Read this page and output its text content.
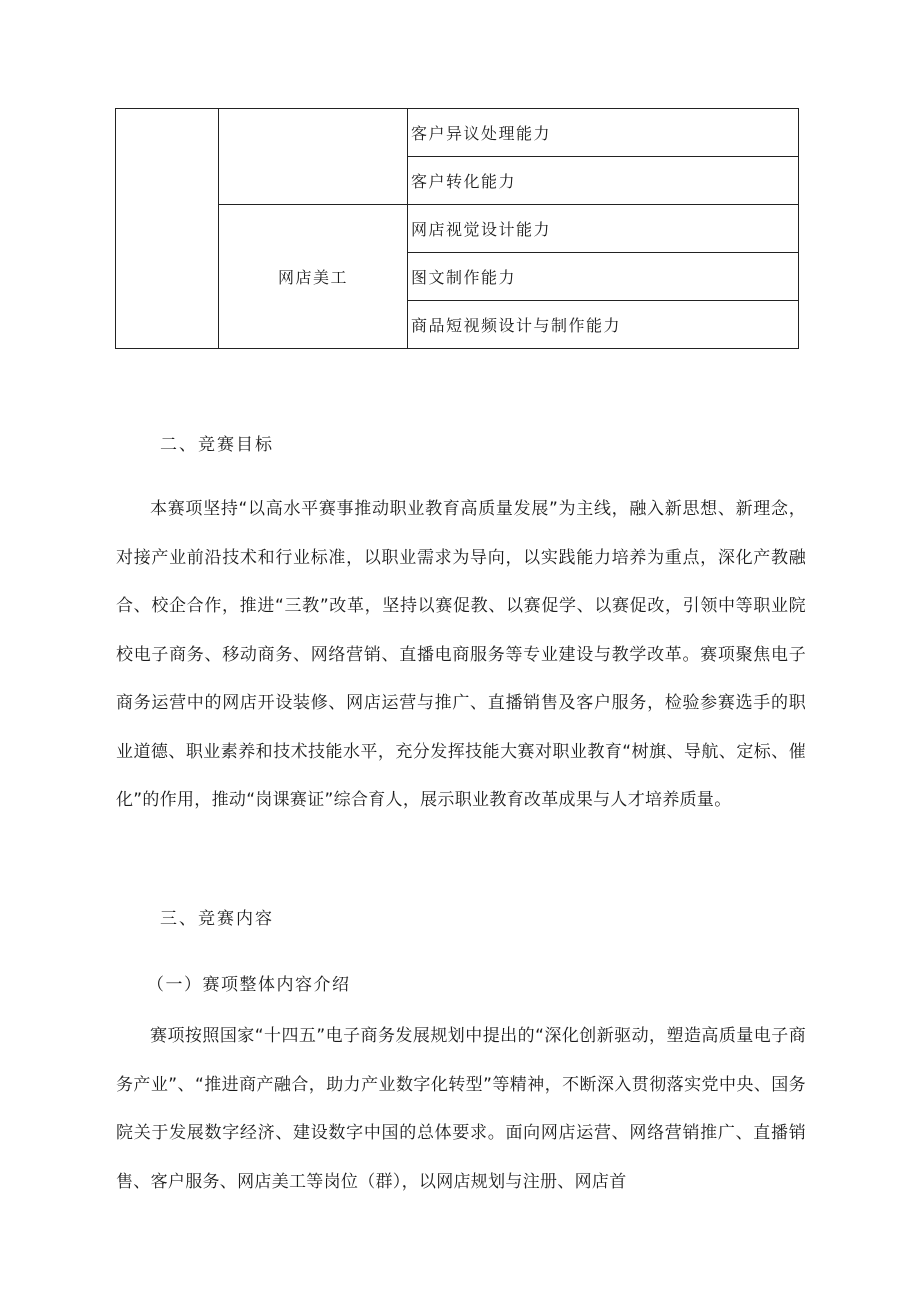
		客户异议处理能力
		客户转化能力
	网店美工	网店视觉设计能力
		图文制作能力
		商品短视频设计与制作能力
二、竞赛目标

本赛项坚持“以高水平赛事推动职业教育高质量发展”为主线，融入新思想、新理念，对接产业前沿技术和行业标准，以职业需求为导向，以实践能力培养为重点，深化产教融合、校企合作，推进“三教”改革，坚持以赛促教、以赛促学、以赛促改，引领中等职业院校电子商务、移动商务、网络营销、直播电商服务等专业建设与教学改革。赛项聚焦电子商务运营中的网店开设装修、网店运营与推广、直播销售及客户服务，检验参赛选手的职业道德、职业素养和技术技能水平，充分发挥技能大赛对职业教育“树旗、导航、定标、催化”的作用，推动“岗课赛证”综合育人，展示职业教育改革成果与人才培养质量。

三、竞赛内容
（一）赛项整体内容介绍

赛项按照国家“十四五”电子商务发展规划中提出的“深化创新驱动，塑造高质量电子商务产业”、“推进商产融合，助力产业数字化转型”等精神，不断深入贯彻落实党中央、国务院关于发展数字经济、建设数字中国的总体要求。面向网店运营、网络营销推广、直播销售、客户服务、网店美工等岗位（群），以网店规划与注册、网店首
